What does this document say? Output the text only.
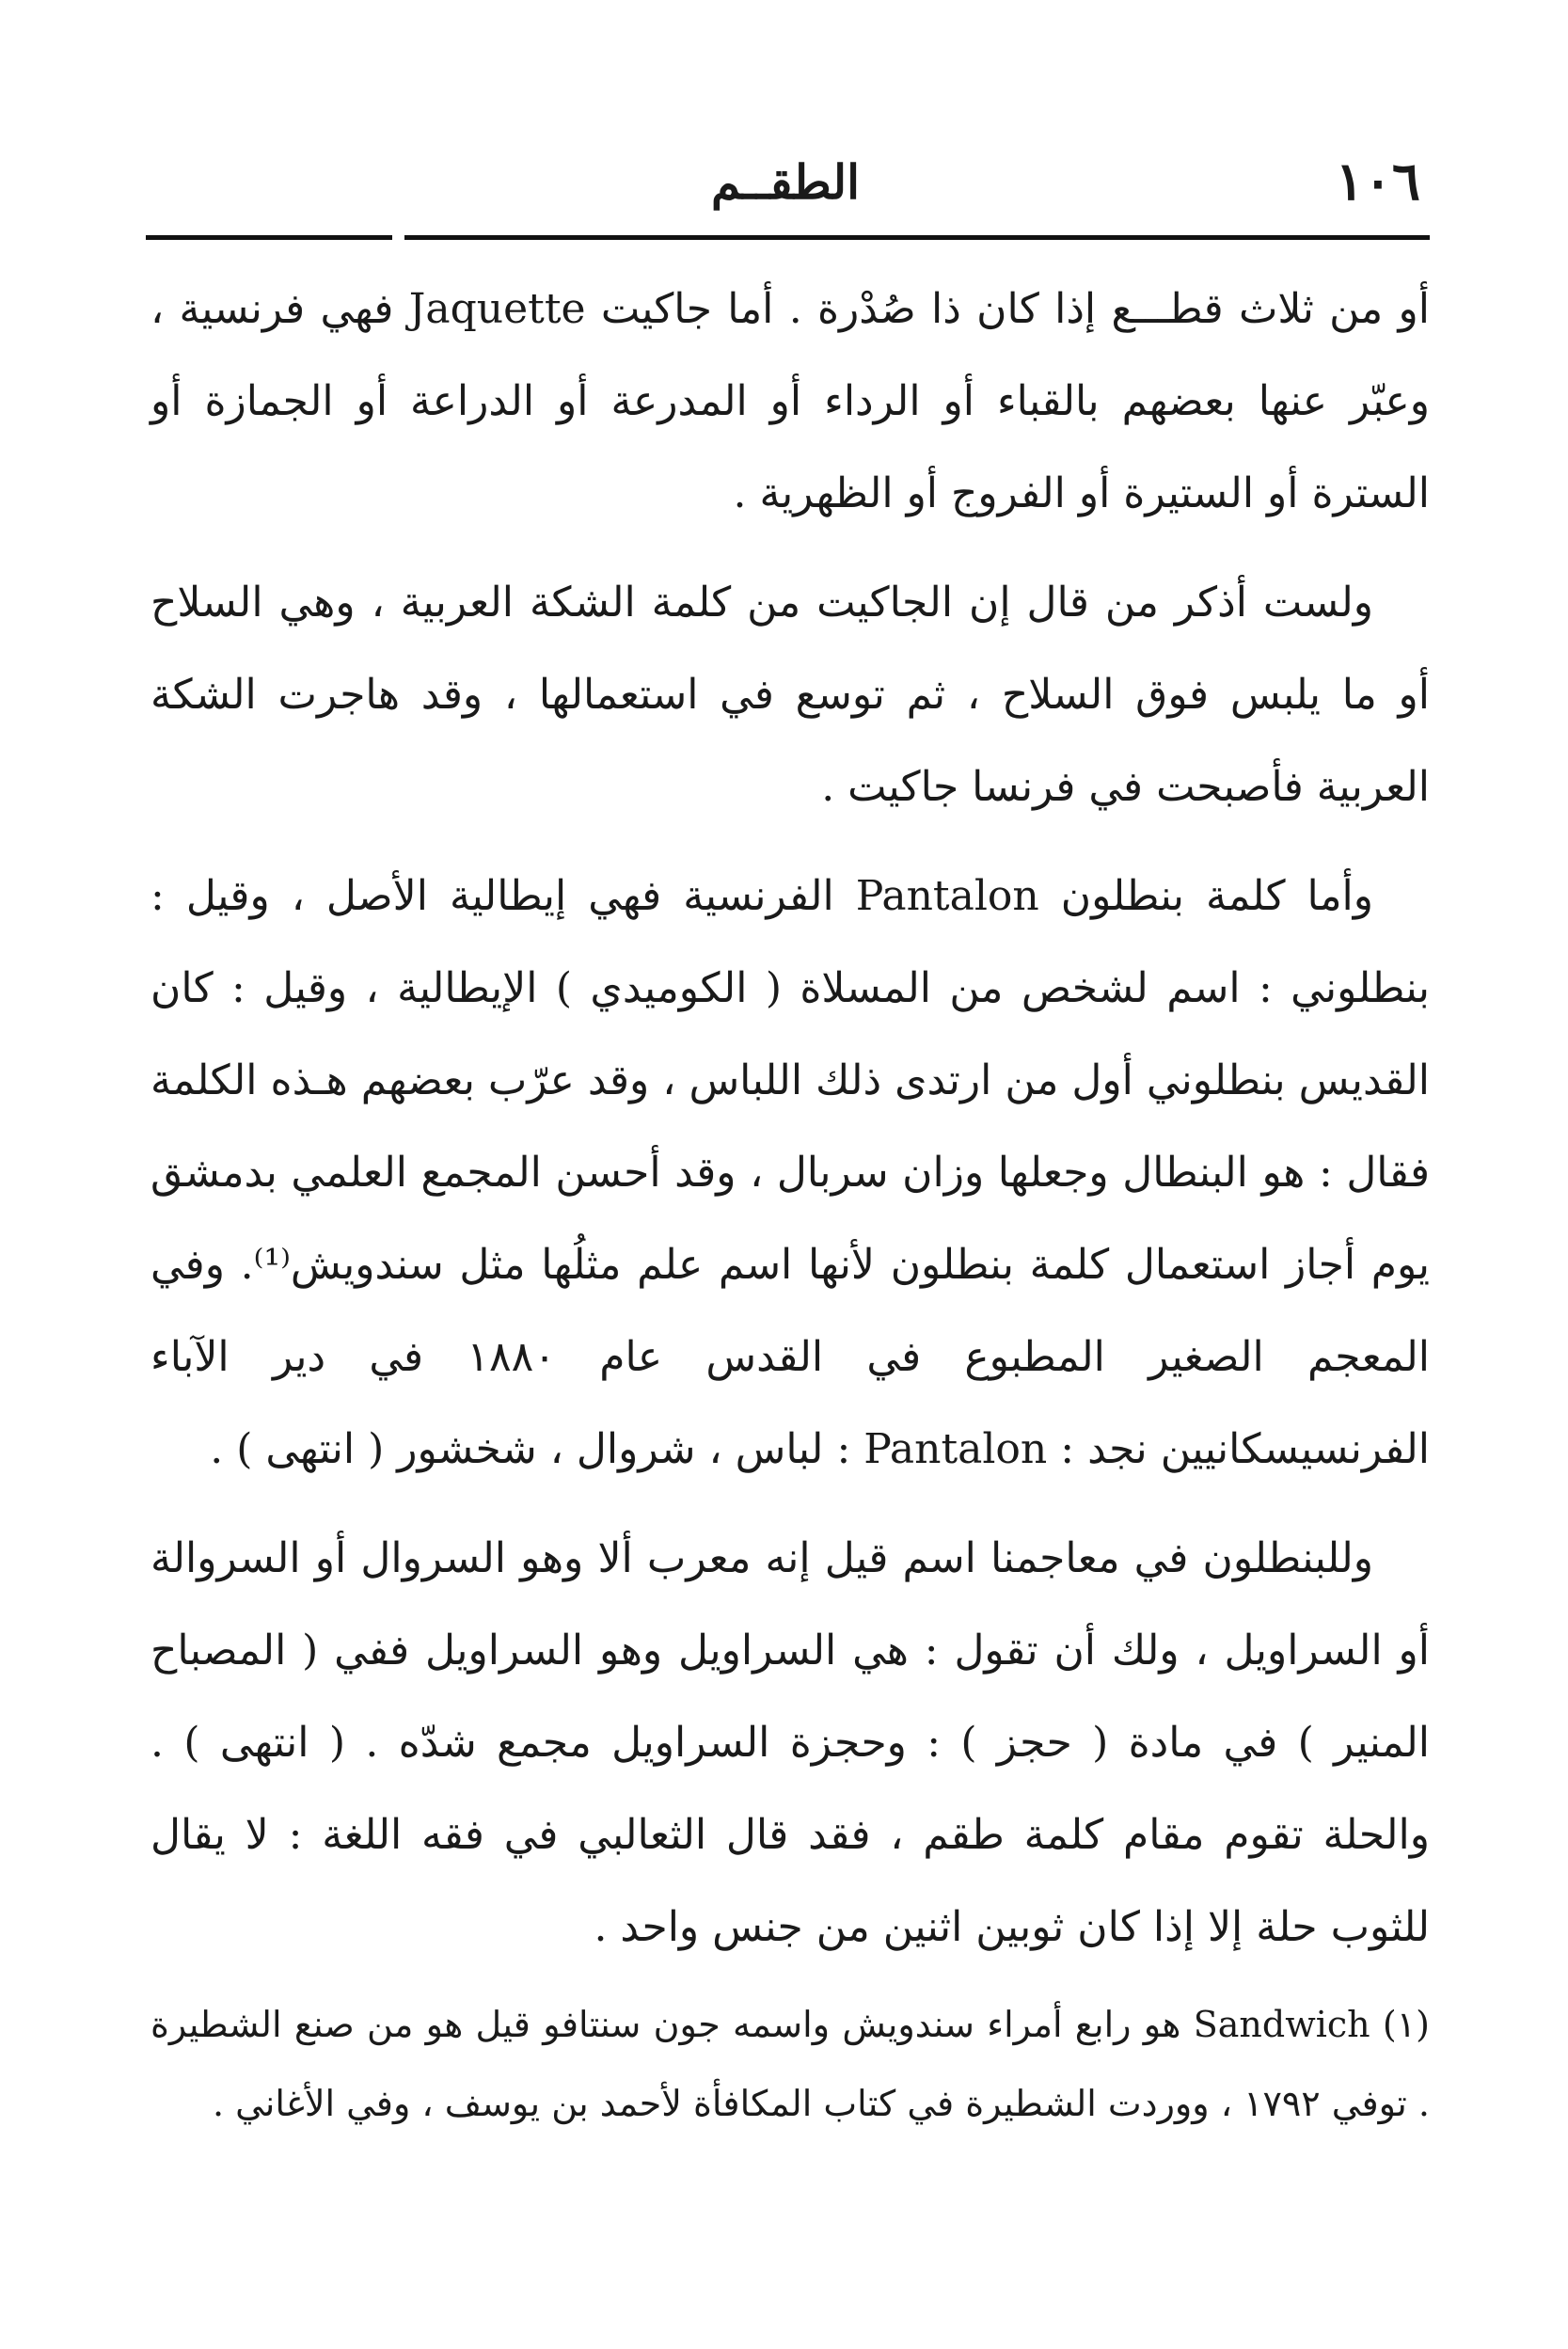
١٠٦
الطقــم

أو من ثلاث قطـــع إذا كان ذا صُدْرة . أما جاكيت Jaquette فهي فرنسية ، وعبّر عنها بعضهم بالقباء أو الرداء أو المدرعة أو الدراعة أو الجمازة أو السترة أو الستيرة أو الفروج أو الظهرية .

ولست أذكر من قال إن الجاكيت من كلمة الشكة العربية ، وهي السلاح أو ما يلبس فوق السلاح ، ثم توسع في استعمالها ، وقد هاجرت الشكة العربية فأصبحت في فرنسا جاكيت .

وأما كلمة بنطلون Pantalon الفرنسية فهي إيطالية الأصل ، وقيل : بنطلوني : اسم لشخص من المسلاة ( الكوميدي ) الإيطالية ، وقيل : كان القديس بنطلوني أول من ارتدى ذلك اللباس ، وقد عرّب بعضهم هـذه الكلمة فقال : هو البنطال وجعلها وزان سربال ، وقد أحسن المجمع العلمي بدمشق يوم أجاز استعمال كلمة بنطلون لأنها اسم علم مثلُها مثل سندويش⁽¹⁾. وفي المعجم الصغير المطبوع في القدس عام ١٨٨٠ في دير الآباء الفرنسيسكانيين نجد : Pantalon : لباس ، شروال ، شخشور ( انتهى ) .

وللبنطلون في معاجمنا اسم قيل إنه معرب ألا وهو السروال أو السروالة أو السراويل ، ولك أن تقول : هي السراويل وهو السراويل ففي ( المصباح المنير ) في مادة ( حجز ) : وحجزة السراويل مجمع شدّه . ( انتهى ) . والحلة تقوم مقام كلمة طقم ، فقد قال الثعالبي في فقه اللغة : لا يقال للثوب حلة إلا إذا كان ثوبين اثنين من جنس واحد .

(١) Sandwich هو رابع أمراء سندويش واسمه جون سنتافو قيل هو من صنع الشطيرة . توفي ١٧٩٢ ، ووردت الشطيرة في كتاب المكافأة لأحمد بن يوسف ، وفي الأغاني .
